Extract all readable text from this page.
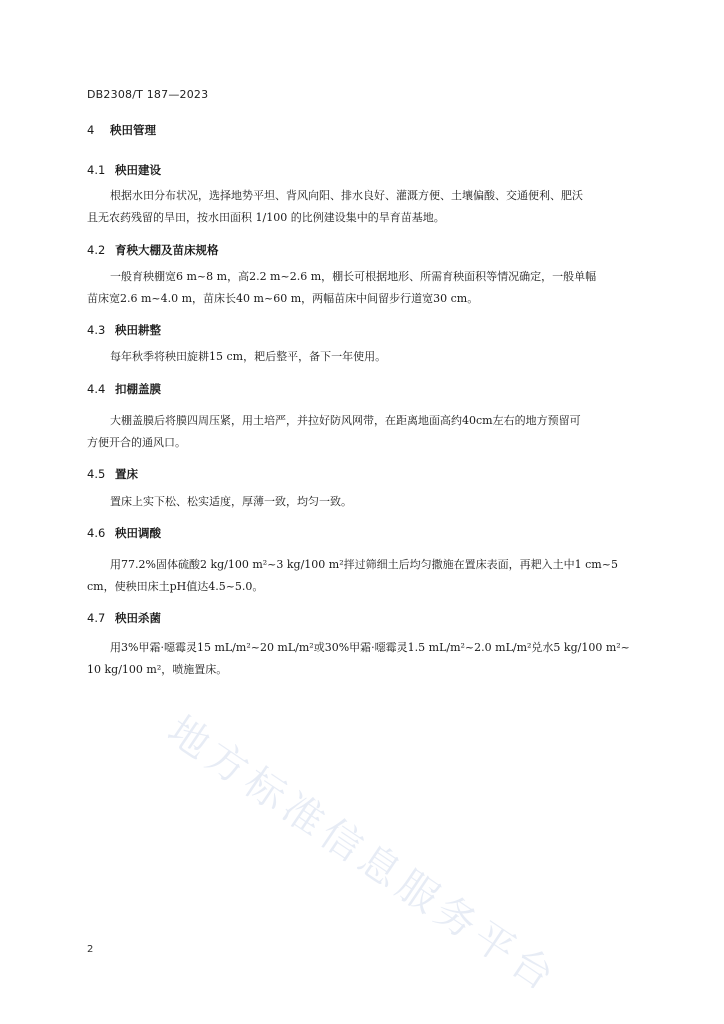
DB2308/T 187—2023
4 秧田管理
4.1 秧田建设
根据水田分布状况，选择地势平坦、背风向阳、排水良好、灌溉方便、土壤偏酸、交通便利、肥沃
且无农药残留的旱田，按水田面积 1/100 的比例建设集中的旱育苗基地。
4.2 育秧大棚及苗床规格
一般育秧棚宽6 m~8 m，高2.2 m~2.6 m，棚长可根据地形、所需育秧面积等情况确定，一般单幅
苗床宽2.6 m~4.0 m，苗床长40 m~60 m，两幅苗床中间留步行道宽30 cm。
4.3 秧田耕整
每年秋季将秧田旋耕15 cm，耙后整平，备下一年使用。
4.4 扣棚盖膜
大棚盖膜后将膜四周压紧，用土培严，并拉好防风网带，在距离地面高约40cm左右的地方预留可
方便开合的通风口。
4.5 置床
置床上实下松、松实适度，厚薄一致，均匀一致。
4.6 秧田调酸
用77.2%固体硫酸2 kg/100 m²~3 kg/100 m²拌过筛细土后均匀撒施在置床表面，再耙入土中1 cm~5
cm，使秧田床土pH值达4.5~5.0。
4.7 秧田杀菌
用3%甲霜·噁霉灵15 mL/m²~20 mL/m²或30%甲霜·噁霉灵1.5 mL/m²~2.0 mL/m²兑水5 kg/100 m²~
10 kg/100 m²，喷施置床。
地方标准信息服务平台
2
